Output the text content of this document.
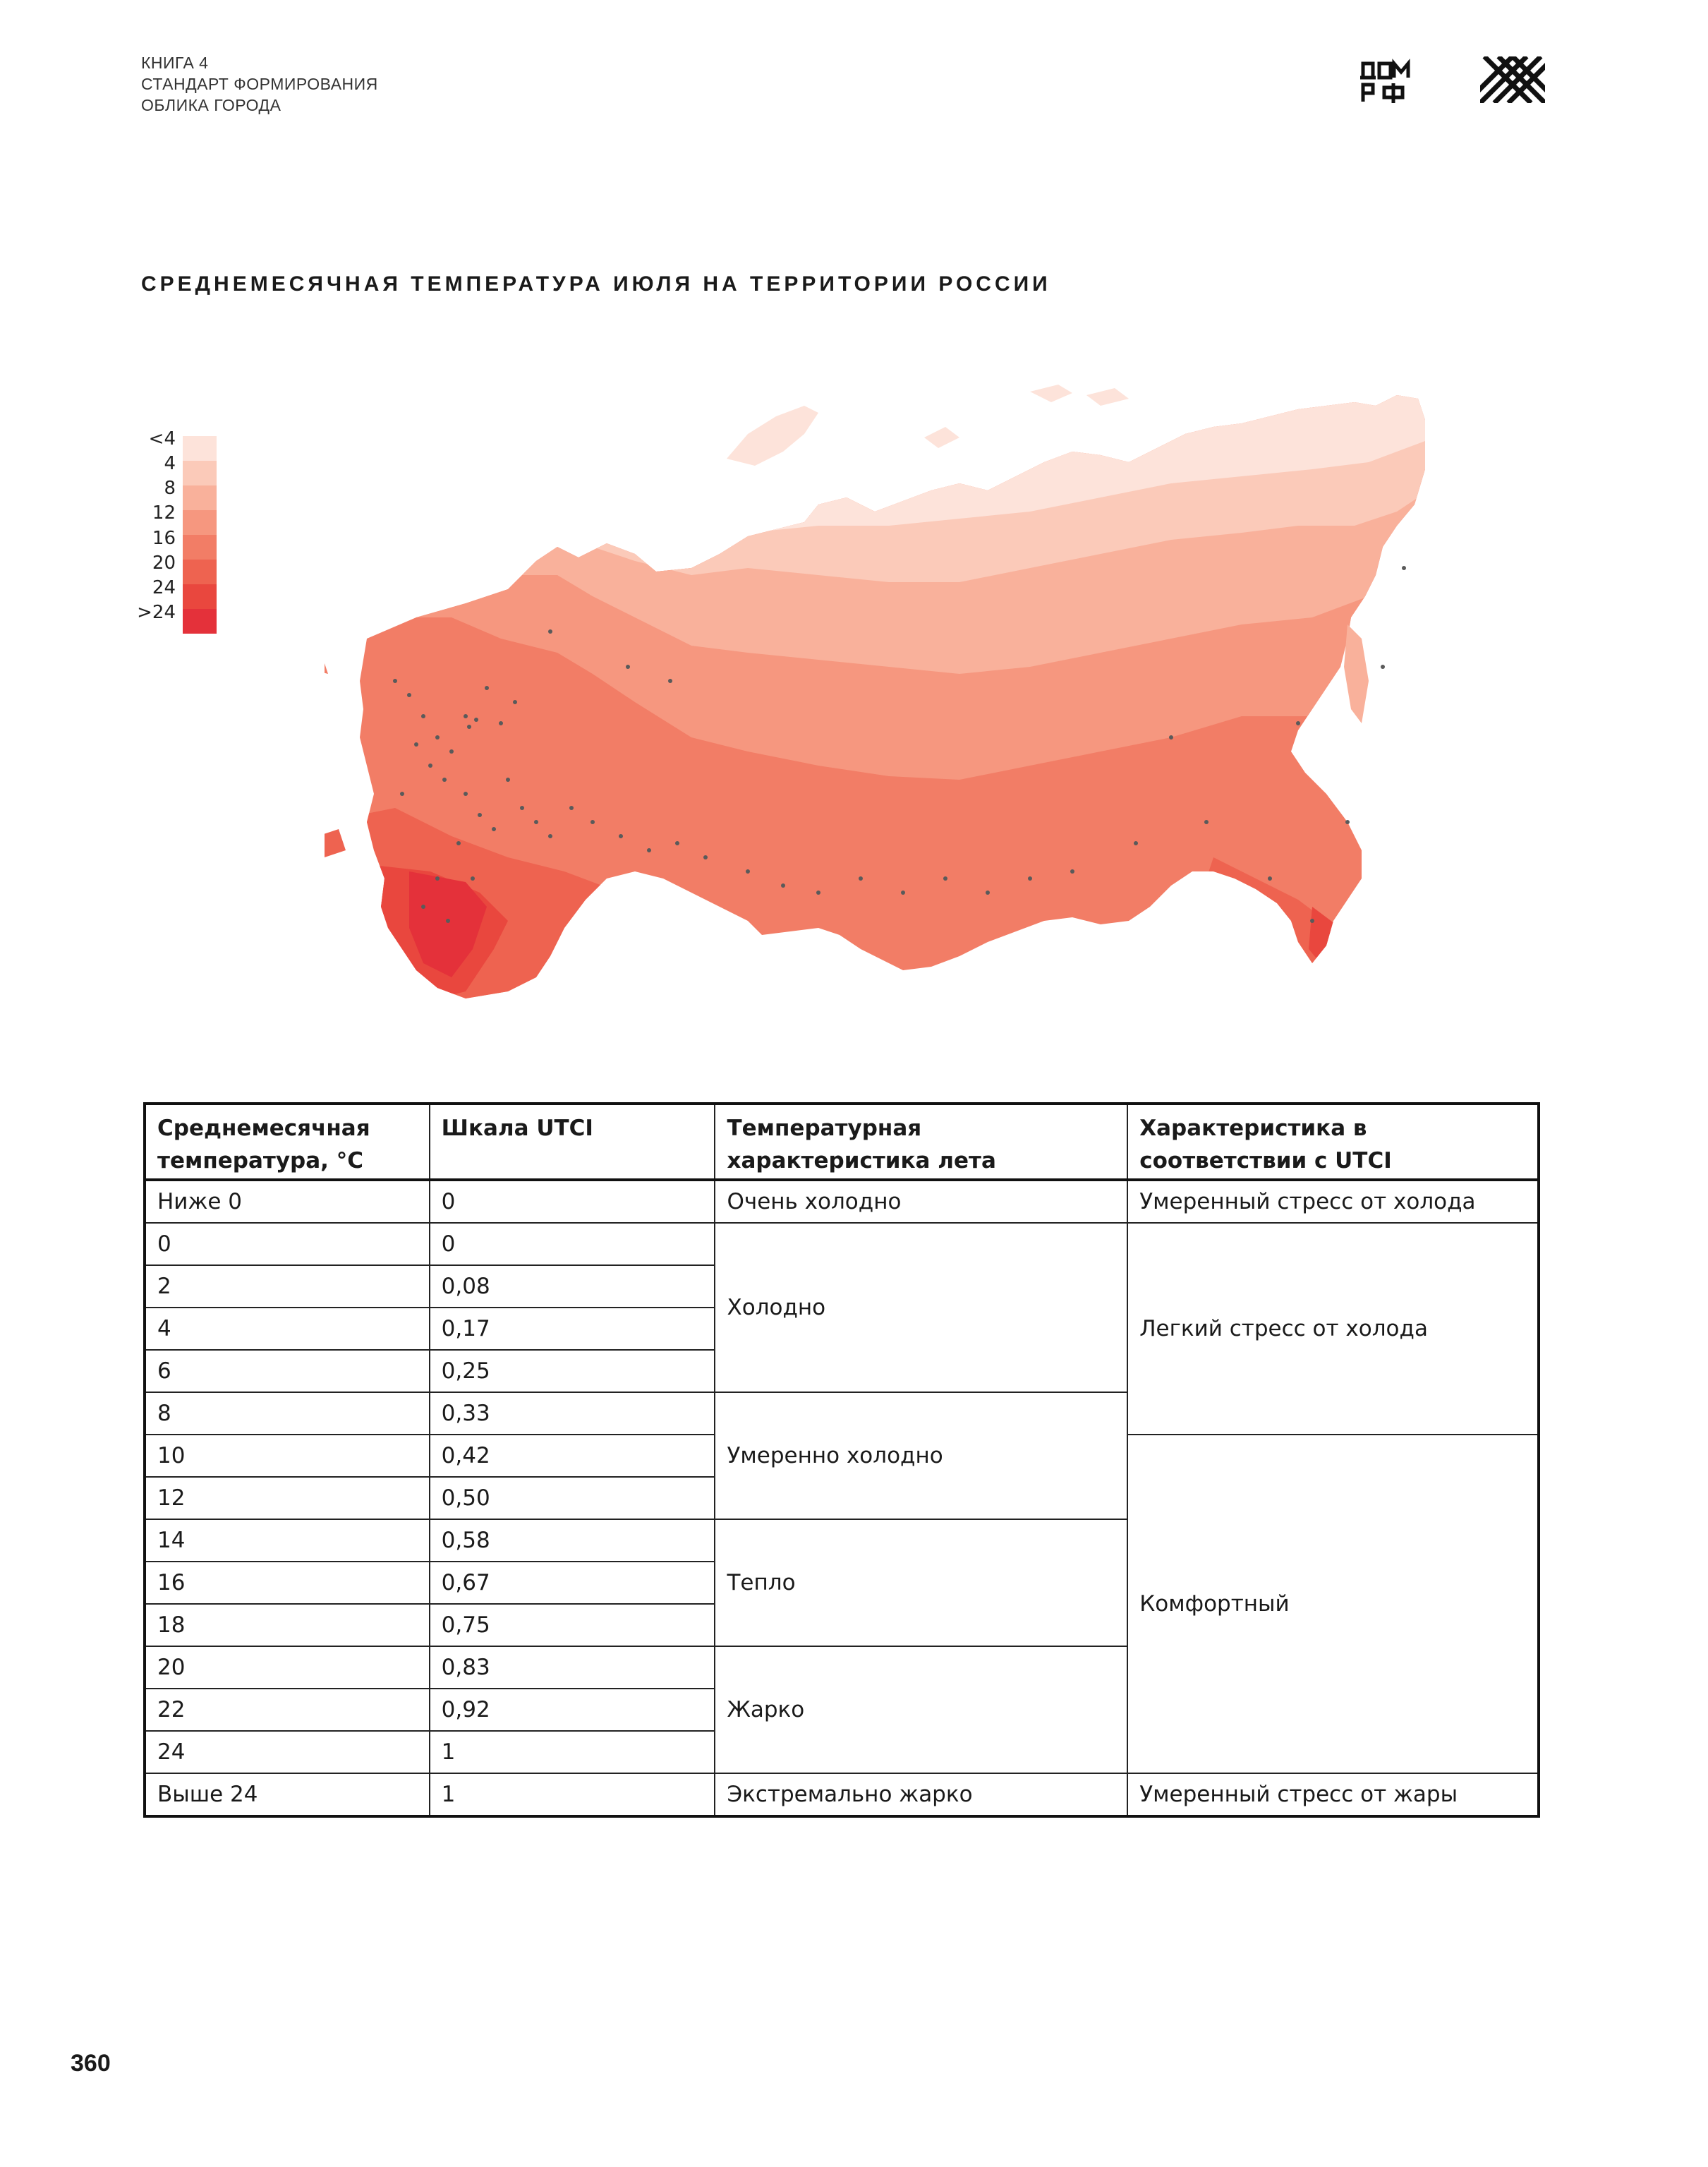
КНИГА 4
СТАНДАРТ ФОРМИРОВАНИЯ
ОБЛИКА ГОРОДА
СРЕДНЕМЕСЯЧНАЯ ТЕМПЕРАТУРА ИЮЛЯ НА ТЕРРИТОРИИ РОССИИ
<4
4
8
12
16
20
24
>24
Среднемесячная температура, °C	Шкала UTCI	Температурная характеристика лета	Характеристика в соответствии с UTCI
Ниже 0	0	Очень холодно	Умеренный стресс от холода
0	0	Холодно	Легкий стресс от холода
2	0,08		
4	0,17		
6	0,25		
8	0,33	Умеренно холодно	
10	0,42		Комфортный
12	0,50		
14	0,58	Тепло	
16	0,67		
18	0,75		
20	0,83	Жарко	
22	0,92		
24	1		
Выше 24	1	Экстремально жарко	Умеренный стресс от жары
360
